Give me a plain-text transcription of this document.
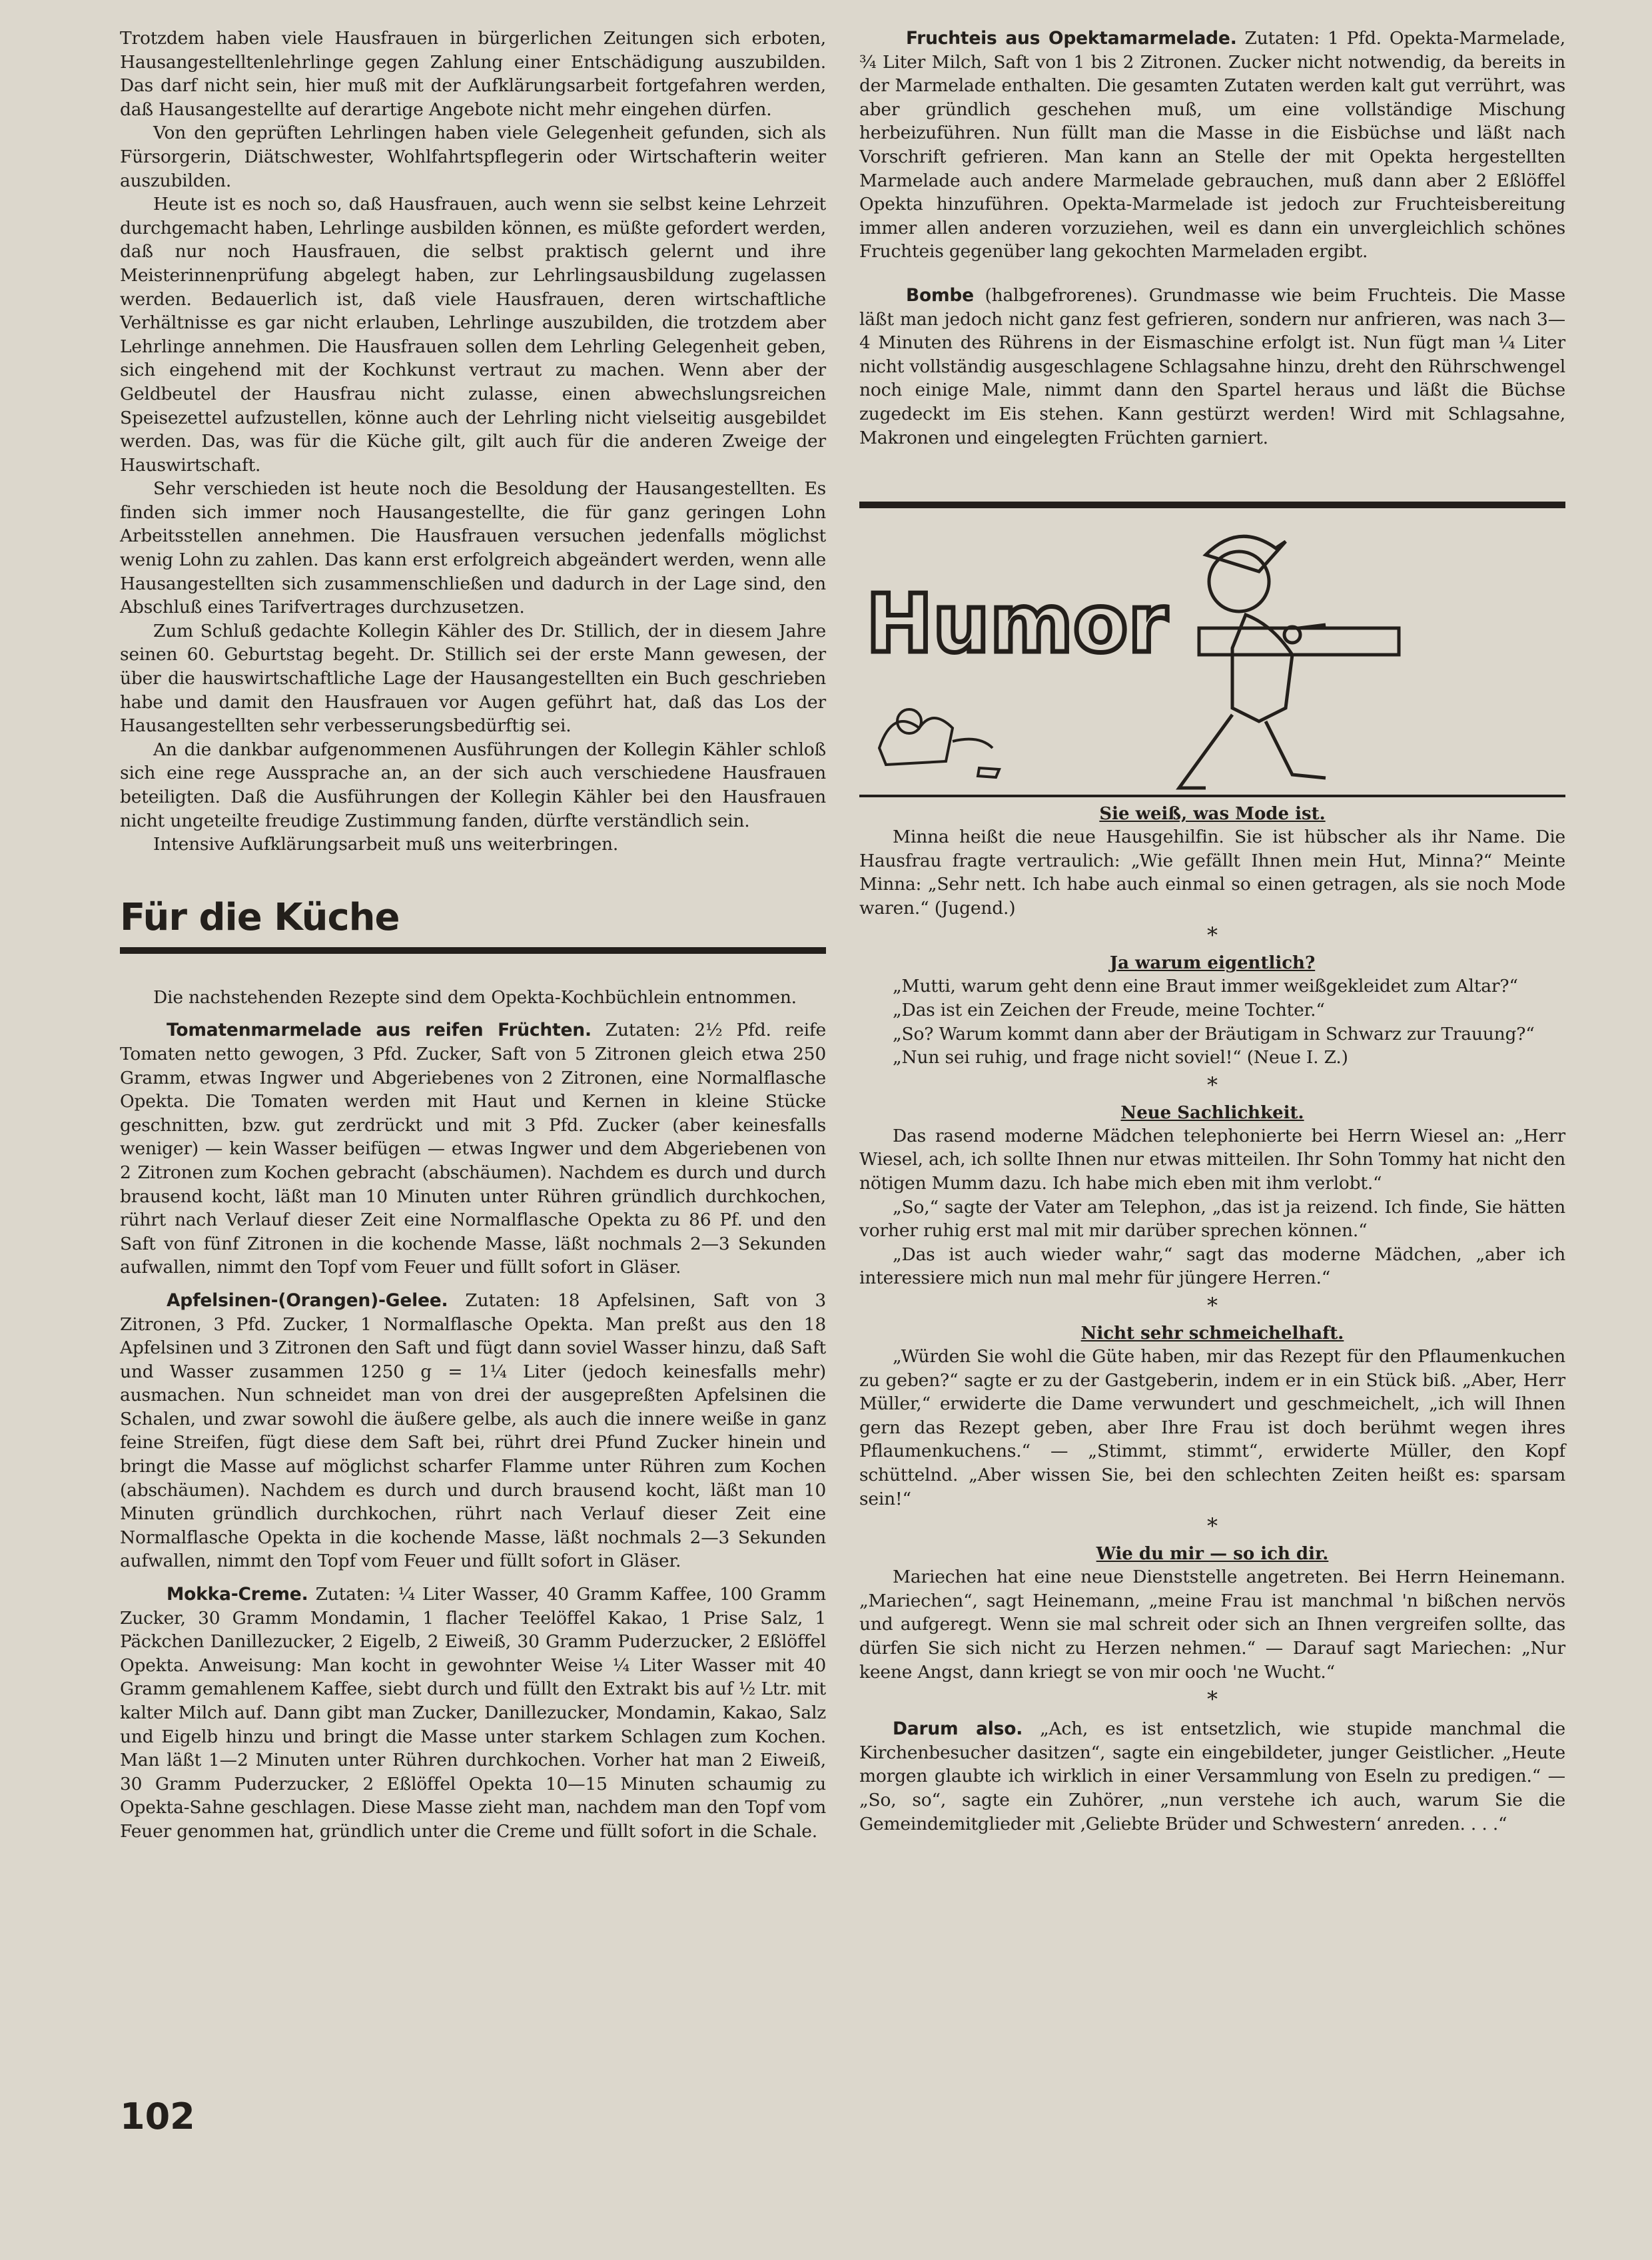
Trotzdem haben viele Hausfrauen in bürgerlichen Zeitungen sich erboten, Hausangestelltenlehrlinge gegen Zahlung einer Entschädigung auszubilden. Das darf nicht sein, hier muß mit der Aufklärungsarbeit fortgefahren werden, daß Hausangestellte auf derartige Angebote nicht mehr eingehen dürfen.

Von den geprüften Lehrlingen haben viele Gelegenheit gefunden, sich als Fürsorgerin, Diätschwester, Wohlfahrtspflegerin oder Wirtschafterin weiter auszubilden.

Heute ist es noch so, daß Hausfrauen, auch wenn sie selbst keine Lehrzeit durchgemacht haben, Lehrlinge ausbilden können, es müßte gefordert werden, daß nur noch Hausfrauen, die selbst praktisch gelernt und ihre Meisterinnenprüfung abgelegt haben, zur Lehrlingsausbildung zugelassen werden. Bedauerlich ist, daß viele Hausfrauen, deren wirtschaftliche Verhältnisse es gar nicht erlauben, Lehrlinge auszubilden, die trotzdem aber Lehrlinge annehmen. Die Hausfrauen sollen dem Lehrling Gelegenheit geben, sich eingehend mit der Kochkunst vertraut zu machen. Wenn aber der Geldbeutel der Hausfrau nicht zulasse, einen abwechslungsreichen Speisezettel aufzustellen, könne auch der Lehrling nicht vielseitig ausgebildet werden. Das, was für die Küche gilt, gilt auch für die anderen Zweige der Hauswirtschaft.

Sehr verschieden ist heute noch die Besoldung der Hausangestellten. Es finden sich immer noch Hausangestellte, die für ganz geringen Lohn Arbeitsstellen annehmen. Die Hausfrauen versuchen jedenfalls möglichst wenig Lohn zu zahlen. Das kann erst erfolgreich abgeändert werden, wenn alle Hausangestellten sich zusammenschließen und dadurch in der Lage sind, den Abschluß eines Tarifvertrages durchzusetzen.

Zum Schluß gedachte Kollegin Kähler des Dr. Stillich, der in diesem Jahre seinen 60. Geburtstag begeht. Dr. Stillich sei der erste Mann gewesen, der über die hauswirtschaftliche Lage der Hausangestellten ein Buch geschrieben habe und damit den Hausfrauen vor Augen geführt hat, daß das Los der Hausangestellten sehr verbesserungsbedürftig sei.

An die dankbar aufgenommenen Ausführungen der Kollegin Kähler schloß sich eine rege Aussprache an, an der sich auch verschiedene Hausfrauen beteiligten. Daß die Ausführungen der Kollegin Kähler bei den Hausfrauen nicht ungeteilte freudige Zustimmung fanden, dürfte verständlich sein.

Intensive Aufklärungsarbeit muß uns weiterbringen.

Für die Küche

Die nachstehenden Rezepte sind dem Opekta-Kochbüchlein entnommen.

Tomatenmarmelade aus reifen Früchten. Zutaten: 2½ Pfd. reife Tomaten netto gewogen, 3 Pfd. Zucker, Saft von 5 Zitronen gleich etwa 250 Gramm, etwas Ingwer und Abgeriebenes von 2 Zitronen, eine Normalflasche Opekta. Die Tomaten werden mit Haut und Kernen in kleine Stücke geschnitten, bzw. gut zerdrückt und mit 3 Pfd. Zucker (aber keinesfalls weniger) — kein Wasser beifügen — etwas Ingwer und dem Abgeriebenen von 2 Zitronen zum Kochen gebracht (abschäumen). Nachdem es durch und durch brausend kocht, läßt man 10 Minuten unter Rühren gründlich durchkochen, rührt nach Verlauf dieser Zeit eine Normalflasche Opekta zu 86 Pf. und den Saft von fünf Zitronen in die kochende Masse, läßt nochmals 2—3 Sekunden aufwallen, nimmt den Topf vom Feuer und füllt sofort in Gläser.

Apfelsinen-(Orangen)-Gelee. Zutaten: 18 Apfelsinen, Saft von 3 Zitronen, 3 Pfd. Zucker, 1 Normalflasche Opekta. Man preßt aus den 18 Apfelsinen und 3 Zitronen den Saft und fügt dann soviel Wasser hinzu, daß Saft und Wasser zusammen 1250 g = 1¼ Liter (jedoch keinesfalls mehr) ausmachen. Nun schneidet man von drei der ausgepreßten Apfelsinen die Schalen, und zwar sowohl die äußere gelbe, als auch die innere weiße in ganz feine Streifen, fügt diese dem Saft bei, rührt drei Pfund Zucker hinein und bringt die Masse auf möglichst scharfer Flamme unter Rühren zum Kochen (abschäumen). Nachdem es durch und durch brausend kocht, läßt man 10 Minuten gründlich durchkochen, rührt nach Verlauf dieser Zeit eine Normalflasche Opekta in die kochende Masse, läßt nochmals 2—3 Sekunden aufwallen, nimmt den Topf vom Feuer und füllt sofort in Gläser.

Mokka-Creme. Zutaten: ¼ Liter Wasser, 40 Gramm Kaffee, 100 Gramm Zucker, 30 Gramm Mondamin, 1 flacher Teelöffel Kakao, 1 Prise Salz, 1 Päckchen Danillezucker, 2 Eigelb, 2 Eiweiß, 30 Gramm Puderzucker, 2 Eßlöffel Opekta. Anweisung: Man kocht in gewohnter Weise ¼ Liter Wasser mit 40 Gramm gemahlenem Kaffee, siebt durch und füllt den Extrakt bis auf ½ Ltr. mit kalter Milch auf. Dann gibt man Zucker, Danillezucker, Mondamin, Kakao, Salz und Eigelb hinzu und bringt die Masse unter starkem Schlagen zum Kochen. Man läßt 1—2 Minuten unter Rühren durchkochen. Vorher hat man 2 Eiweiß, 30 Gramm Puderzucker, 2 Eßlöffel Opekta 10—15 Minuten schaumig zu Opekta-Sahne geschlagen. Diese Masse zieht man, nachdem man den Topf vom Feuer genommen hat, gründlich unter die Creme und füllt sofort in die Schale.

Fruchteis aus Opektamarmelade. Zutaten: 1 Pfd. Opekta-Marmelade, ¾ Liter Milch, Saft von 1 bis 2 Zitronen. Zucker nicht notwendig, da bereits in der Marmelade enthalten. Die gesamten Zutaten werden kalt gut verrührt, was aber gründlich geschehen muß, um eine vollständige Mischung herbeizuführen. Nun füllt man die Masse in die Eisbüchse und läßt nach Vorschrift gefrieren. Man kann an Stelle der mit Opekta hergestellten Marmelade auch andere Marmelade gebrauchen, muß dann aber 2 Eßlöffel Opekta hinzuführen. Opekta-Marmelade ist jedoch zur Fruchteisbereitung immer allen anderen vorzuziehen, weil es dann ein unvergleichlich schönes Fruchteis gegenüber lang gekochten Marmeladen ergibt.

Bombe (halbgefrorenes). Grundmasse wie beim Fruchteis. Die Masse läßt man jedoch nicht ganz fest gefrieren, sondern nur anfrieren, was nach 3—4 Minuten des Rührens in der Eismaschine erfolgt ist. Nun fügt man ¼ Liter nicht vollständig ausgeschlagene Schlagsahne hinzu, dreht den Rührschwengel noch einige Male, nimmt dann den Spartel heraus und läßt die Büchse zugedeckt im Eis stehen. Kann gestürzt werden! Wird mit Schlagsahne, Makronen und eingelegten Früchten garniert.

Humor
Sie weiß, was Mode ist.

Minna heißt die neue Hausgehilfin. Sie ist hübscher als ihr Name. Die Hausfrau fragte vertraulich: „Wie gefällt Ihnen mein Hut, Minna?“ Meinte Minna: „Sehr nett. Ich habe auch einmal so einen getragen, als sie noch Mode waren.“ (Jugend.)

*
Ja warum eigentlich?

„Mutti, warum geht denn eine Braut immer weißgekleidet zum Altar?“

„Das ist ein Zeichen der Freude, meine Tochter.“

„So? Warum kommt dann aber der Bräutigam in Schwarz zur Trauung?“

„Nun sei ruhig, und frage nicht soviel!“ (Neue I. Z.)

*
Neue Sachlichkeit.

Das rasend moderne Mädchen telephonierte bei Herrn Wiesel an: „Herr Wiesel, ach, ich sollte Ihnen nur etwas mitteilen. Ihr Sohn Tommy hat nicht den nötigen Mumm dazu. Ich habe mich eben mit ihm verlobt.“

„So,“ sagte der Vater am Telephon, „das ist ja reizend. Ich finde, Sie hätten vorher ruhig erst mal mit mir darüber sprechen können.“

„Das ist auch wieder wahr,“ sagt das moderne Mädchen, „aber ich interessiere mich nun mal mehr für jüngere Herren.“

*
Nicht sehr schmeichelhaft.

„Würden Sie wohl die Güte haben, mir das Rezept für den Pflaumenkuchen zu geben?“ sagte er zu der Gastgeberin, indem er in ein Stück biß. „Aber, Herr Müller,“ erwiderte die Dame verwundert und geschmeichelt, „ich will Ihnen gern das Rezept geben, aber Ihre Frau ist doch berühmt wegen ihres Pflaumenkuchens.“ — „Stimmt, stimmt“, erwiderte Müller, den Kopf schüttelnd. „Aber wissen Sie, bei den schlechten Zeiten heißt es: sparsam sein!“

*
Wie du mir — so ich dir.

Mariechen hat eine neue Dienststelle angetreten. Bei Herrn Heinemann. „Mariechen“, sagt Heinemann, „meine Frau ist manchmal 'n bißchen nervös und aufgeregt. Wenn sie mal schreit oder sich an Ihnen vergreifen sollte, das dürfen Sie sich nicht zu Herzen nehmen.“ — Darauf sagt Mariechen: „Nur keene Angst, dann kriegt se von mir ooch 'ne Wucht.“

*

Darum also. „Ach, es ist entsetzlich, wie stupide manchmal die Kirchenbesucher dasitzen“, sagte ein eingebildeter, junger Geistlicher. „Heute morgen glaubte ich wirklich in einer Versammlung von Eseln zu predigen.“ — „So, so“, sagte ein Zuhörer, „nun verstehe ich auch, warum Sie die Gemeindemitglieder mit ‚Geliebte Brüder und Schwestern‘ anreden. . . .“

102
